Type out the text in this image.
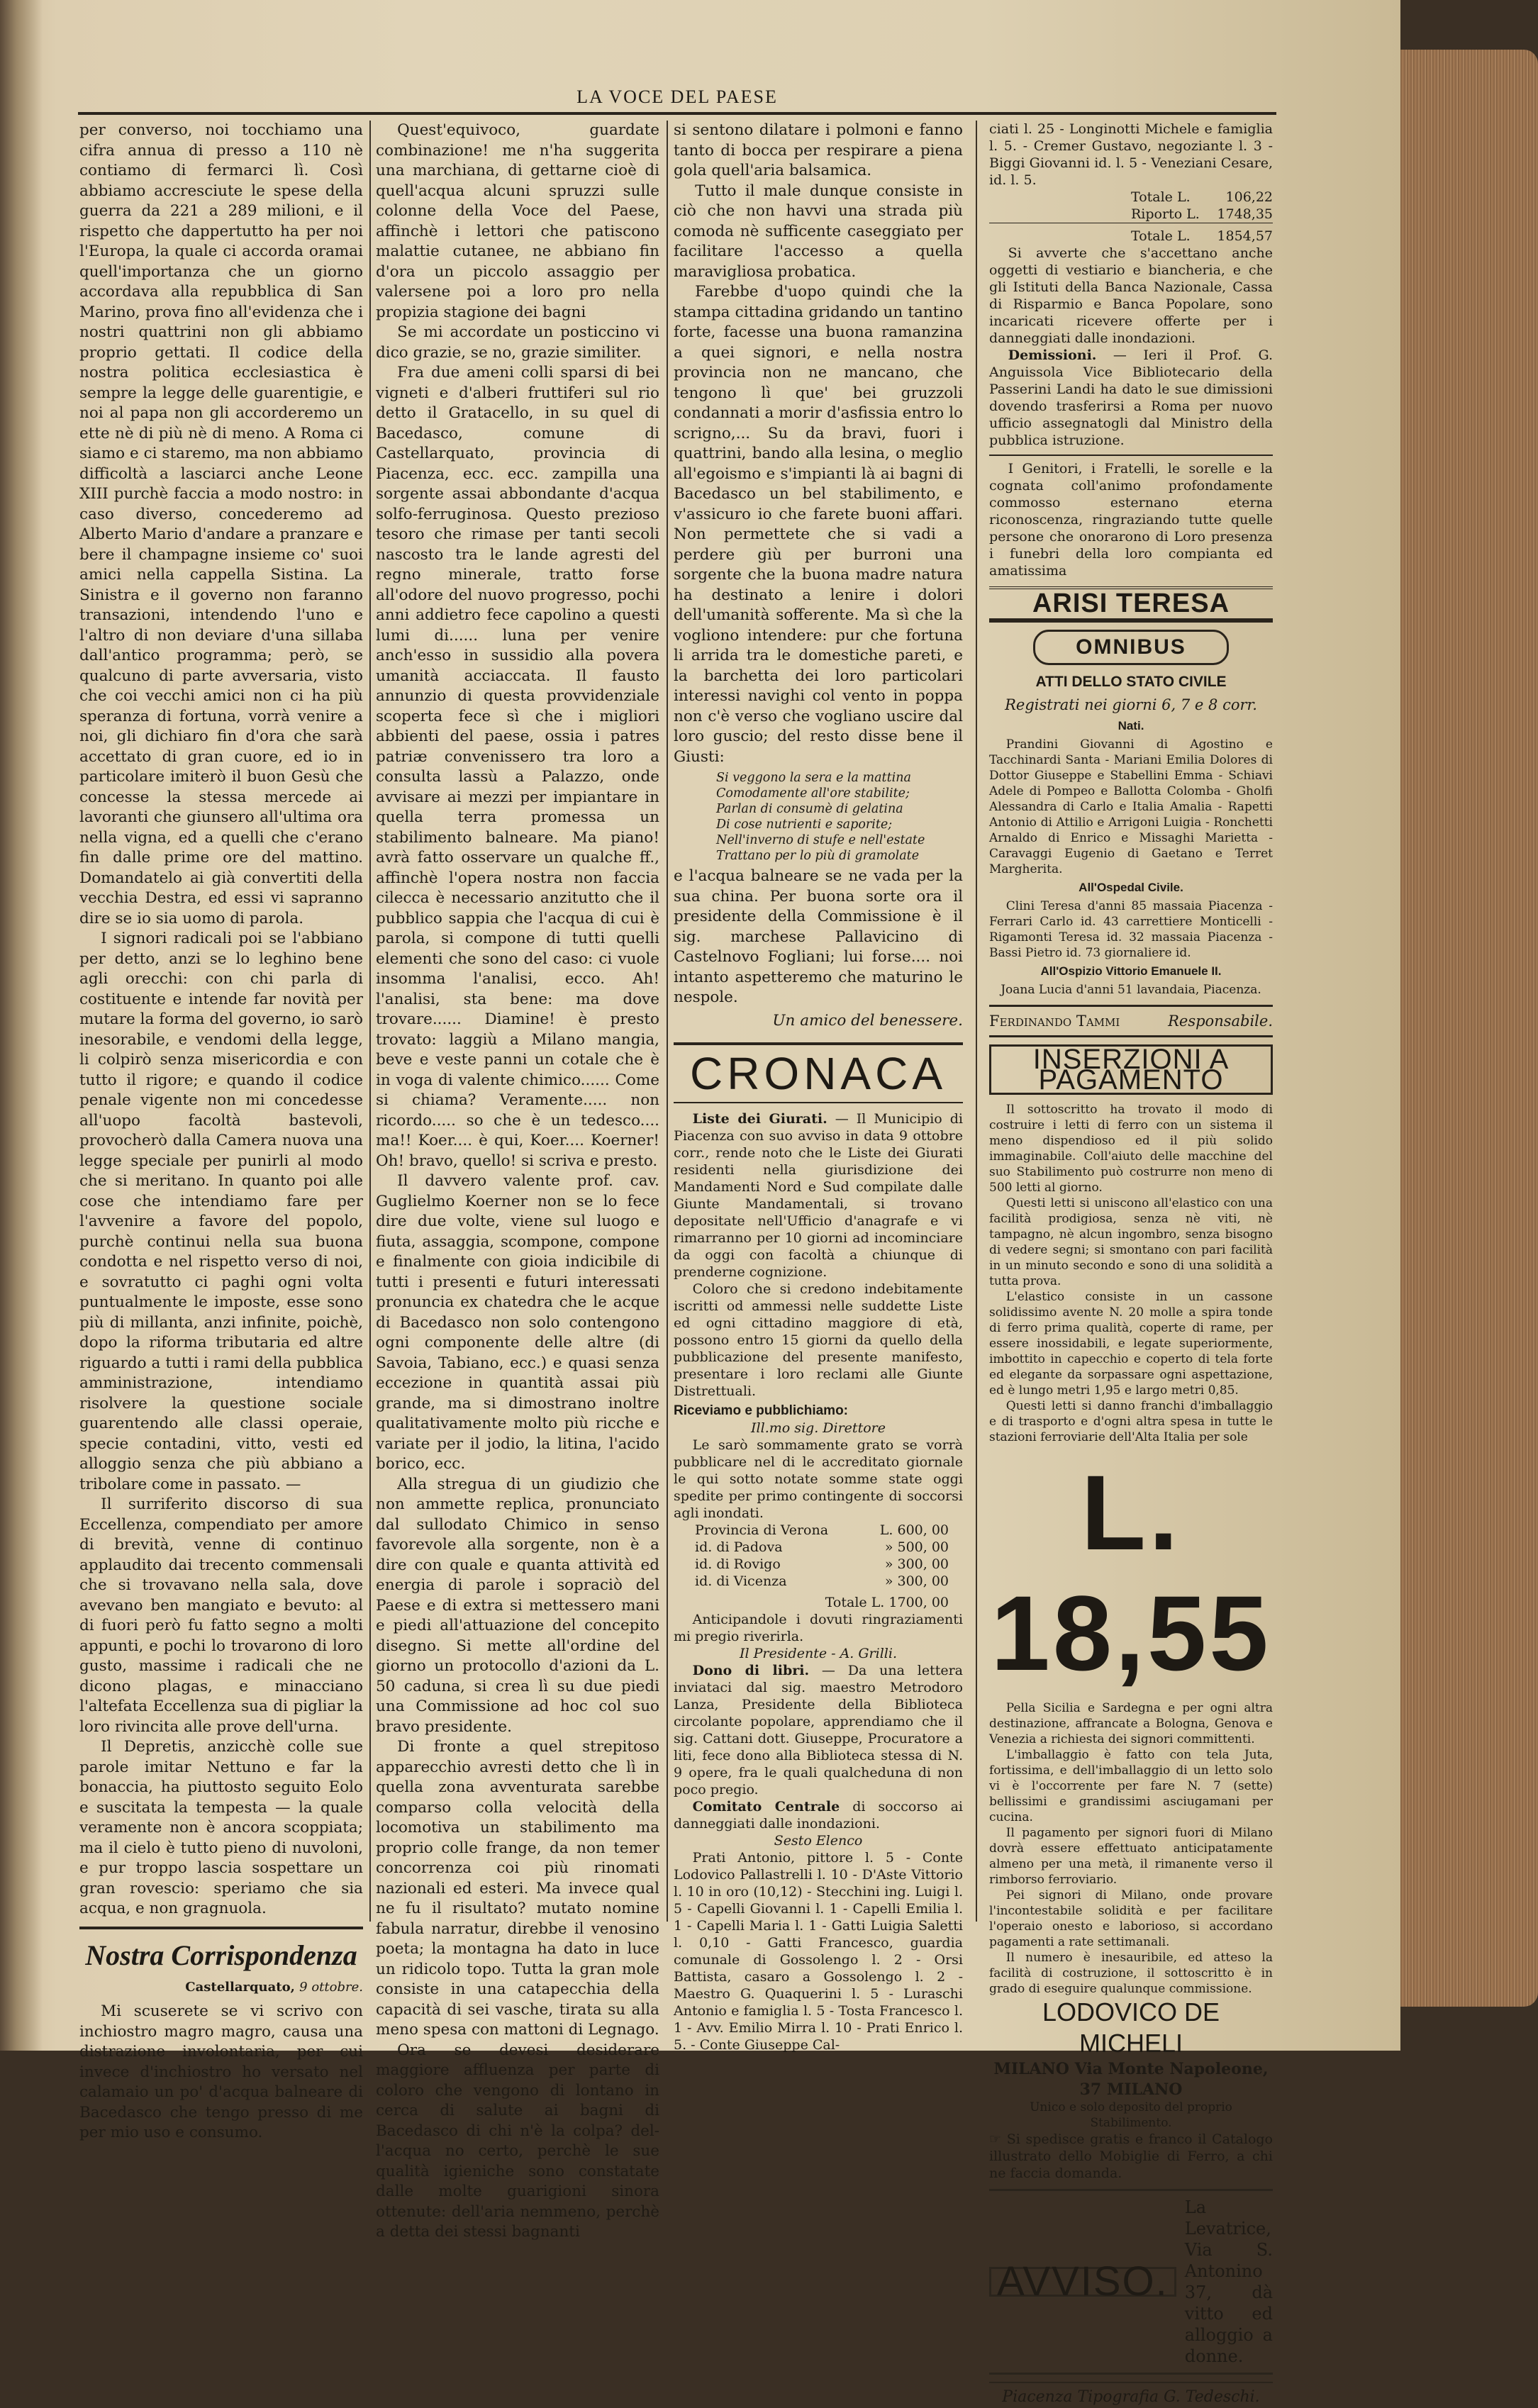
LA VOCE DEL PAESE

per converso, noi tocchiamo una cifra annua di presso a 110 nè contiamo di fermarci lì. Così abbiamo accresciute le spese della guerra da 221 a 289 milioni, e il rispetto che dappertutto ha per noi l'Europa, la quale ci accorda oramai quell'importanza che un giorno accordava alla repubblica di San Marino, prova fino all'evidenza che i nostri quattrini non gli abbiamo proprio gettati. Il codice della nostra politica ecclesiastica è sempre la legge delle guarentigie, e noi al papa non gli accorderemo un ette nè di più nè di meno. A Roma ci siamo e ci staremo, ma non abbiamo difficoltà a lasciarci anche Leone XIII purchè faccia a modo nostro: in caso diverso, concederemo ad Alberto Mario d'andare a pranzare e bere il champagne insieme co' suoi amici nella cappella Sistina. La Sinistra e il governo non faranno transazioni, intendendo l'uno e l'altro di non deviare d'una sillaba dall'antico programma; però, se qualcuno di parte avversaria, visto che coi vecchi amici non ci ha più speranza di fortuna, vorrà venire a noi, gli dichiaro fin d'ora che sarà accettato di gran cuore, ed io in particolare imiterò il buon Gesù che concesse la stessa mercede ai lavoranti che giunsero all'ultima ora nella vigna, ed a quelli che c'erano fin dalle prime ore del mattino. Domandatelo ai già convertiti della vecchia Destra, ed essi vi sapranno dire se io sia uomo di parola.

I signori radicali poi se l'abbiano per detto, anzi se lo leghino bene agli orecchi: con chi parla di costituente e intende far novità per mutare la forma del governo, io sarò inesorabile, e vendomi della legge, li colpirò senza misericordia e con tutto il rigore; e quando il codice penale vigente non mi concedesse all'uopo facoltà bastevoli, provocherò dalla Camera nuova una legge speciale per punirli al modo che si meritano. In quanto poi alle cose che intendiamo fare per l'avvenire a favore del popolo, purchè continui nella sua buona condotta e nel rispetto verso di noi, e sovratutto ci paghi ogni volta puntualmente le imposte, esse sono più di millanta, anzi infinite, poichè, dopo la riforma tributaria ed altre riguardo a tutti i rami della pubblica amministrazione, intendiamo risolvere la questione sociale guarentendo alle classi operaie, specie contadini, vitto, vesti ed alloggio senza che più abbiano a tribolare come in passato. —

Il surriferito discorso di sua Eccellenza, compendiato per amore di brevità, venne di continuo applaudito dai trecento commensali che si trovavano nella sala, dove avevano ben mangiato e bevuto: al di fuori però fu fatto segno a molti appunti, e pochi lo trovarono di loro gusto, massime i radicali che ne dicono plagas, e minacciano l'altefata Eccellenza sua di pigliar la loro rivincita alle prove dell'urna.

Il Depretis, anzicchè colle sue parole imitar Nettuno e far la bonaccia, ha piuttosto seguito Eolo e suscitata la tempesta — la quale veramente non è ancora scoppiata; ma il cielo è tutto pieno di nuvoloni, e pur troppo lascia sospettare un gran rovescio: speriamo che sia acqua, e non gragnuola.

Nostra Corrispondenza
Castellarquato, 9 ottobre.

Mi scuserete se vi scrivo con inchiostro magro magro, causa una distrazione involontaria, per cui invece d'inchiostro ho versato nel calamaio un po' d'acqua balneare di Bacedasco che tengo presso di me per mio uso e consumo.

Quest'equivoco, guardate combinazione! me n'ha suggerita una marchiana, di gettarne cioè di quell'acqua alcuni spruzzi sulle colonne della Voce del Paese, affinchè i lettori che patiscono malattie cutanee, ne abbiano fin d'ora un piccolo assaggio per valersene poi a loro pro nella propizia stagione dei bagni

Se mi accordate un posticcino vi dico grazie, se no, grazie similiter.

Fra due ameni colli sparsi di bei vigneti e d'alberi fruttiferi sul rio detto il Gratacello, in su quel di Bacedasco, comune di Castellarquato, provincia di Piacenza, ecc. ecc. zampilla una sorgente assai abbondante d'acqua solfo-ferruginosa. Questo prezioso tesoro che rimase per tanti secoli nascosto tra le lande agresti del regno minerale, tratto forse all'odore del nuovo progresso, pochi anni addietro fece capolino a questi lumi di...... luna per venire anch'esso in sussidio alla povera umanità acciaccata. Il fausto annunzio di questa provvidenziale scoperta fece sì che i migliori abbienti del paese, ossia i patres patriæ convenissero tra loro a consulta lassù a Palazzo, onde avvisare ai mezzi per impiantare in quella terra promessa un stabilimento balneare. Ma piano! avrà fatto osservare un qualche ff., affinchè l'opera nostra non faccia cilecca è necessario anzitutto che il pubblico sappia che l'acqua di cui è parola, si compone di tutti quelli elementi che sono del caso: ci vuole insomma l'analisi, ecco. Ah! l'analisi, sta bene: ma dove trovare...... Diamine! è presto trovato: laggiù a Milano mangia, beve e veste panni un cotale che è in voga di valente chimico...... Come si chiama? Veramente..... non ricordo..... so che è un tedesco.... ma!! Koer.... è qui, Koer.... Koerner! Oh! bravo, quello! si scriva e presto.

Il davvero valente prof. cav. Guglielmo Koerner non se lo fece dire due volte, viene sul luogo e fiuta, assaggia, scompone, compone e finalmente con gioia indicibile di tutti i presenti e futuri interessati pronuncia ex chatedra che le acque di Bacedasco non solo contengono ogni componente delle altre (di Savoia, Tabiano, ecc.) e quasi senza eccezione in quantità assai più grande, ma si dimostrano inoltre qualitativamente molto più ricche e variate per il jodio, la litina, l'acido borico, ecc.

Alla stregua di un giudizio che non ammette replica, pronunciato dal sullodato Chimico in senso favorevole alla sorgente, non è a dire con quale e quanta attività ed energia di parole i sopraciò del Paese e di extra si mettessero mani e piedi all'attuazione del concepito disegno. Si mette all'ordine del giorno un protocollo d'azioni da L. 50 caduna, si crea lì su due piedi una Commissione ad hoc col suo bravo presidente.

Di fronte a quel strepitoso apparecchio avresti detto che lì in quella zona avventurata sarebbe comparso colla velocità della locomotiva un stabilimento ma proprio colle frange, da non temer concorrenza coi più rinomati nazionali ed esteri. Ma invece qual ne fu il risultato? mutato nomine fabula narratur, direbbe il venosino poeta; la montagna ha dato in luce un ridicolo topo. Tutta la gran mole consiste in una catapecchia della capacità di sei vasche, tirata su alla meno spesa con mattoni di Legnago.

Ora se devesi desiderare maggiore affluenza per parte di coloro che vengono di lontano in cerca di salute ai bagni di Bacedasco di chi n'è la colpa? del-l'acqua no certo, perchè le sue qualità igieniche sono constatate dalle molte guarigioni sinora ottenute: dell'aria nemmeno, perchè a detta dei stessi bagnanti

si sentono dilatare i polmoni e fanno tanto di bocca per respirare a piena gola quell'aria balsamica.

Tutto il male dunque consiste in ciò che non havvi una strada più comoda nè sufficente caseggiato per facilitare l'accesso a quella maravigliosa probatica.

Farebbe d'uopo quindi che la stampa cittadina gridando un tantino forte, facesse una buona ramanzina a quei signori, e nella nostra provincia non ne mancano, che tengono lì que' bei gruzzoli condannati a morir d'asfissia entro lo scrigno,... Su da bravi, fuori i quattrini, bando alla lesina, o meglio all'egoismo e s'impianti là ai bagni di Bacedasco un bel stabilimento, e v'assicuro io che farete buoni affari. Non permettete che si vadi a perdere giù per burroni una sorgente che la buona madre natura ha destinato a lenire i dolori dell'umanità sofferente. Ma sì che la vogliono intendere: pur che fortuna li arrida tra le domestiche pareti, e la barchetta dei loro particolari interessi navighi col vento in poppa non c'è verso che vogliano uscire dal loro guscio; del resto disse bene il Giusti:

Si veggono la sera e la mattina
Comodamente all'ore stabilite;
Parlan di consumè di gelatina
Di cose nutrienti e saporite;
Nell'inverno di stufe e nell'estate
Trattano per lo più di gramolate

e l'acqua balneare se ne vada per la sua china. Per buona sorte ora il presidente della Commissione è il sig. marchese Pallavicino di Castelnovo Fogliani; lui forse.... noi intanto aspetteremo che maturino le nespole.

Un amico del benessere.
CRONACA

Liste dei Giurati. — Il Municipio di Piacenza con suo avviso in data 9 ottobre corr., rende noto che le Liste dei Giurati residenti nella giurisdizione dei Mandamenti Nord e Sud compilate dalle Giunte Mandamentali, si trovano depositate nell'Ufficio d'anagrafe e vi rimarranno per 10 giorni ad incominciare da oggi con facoltà a chiunque di prenderne cognizione.

Coloro che si credono indebitamente iscritti od ammessi nelle suddette Liste ed ogni cittadino maggiore di età, possono entro 15 giorni da quello della pubblicazione del presente manifesto, presentare i loro reclami alle Giunte Distrettuali.

Riceviamo e pubblichiamo:
Ill.mo sig. Direttore

Le sarò sommamente grato se vorrà pubblicare nel di le accreditato giornale le qui sotto notate somme state oggi spedite per primo contingente di soccorsi agli inondati.

Provincia di Verona	L. 600, 00
id. di Padova	» 500, 00
id. di Rovigo	» 300, 00
id. di Vicenza	» 300, 00
Totale L. 1700, 00

Anticipandole i dovuti ringraziamenti mi pregio riverirla.

Il Presidente - A. Grilli.

Dono di libri. — Da una lettera inviataci dal sig. maestro Metrodoro Lanza, Presidente della Biblioteca circolante popolare, apprendiamo che il sig. Cattani dott. Giuseppe, Procuratore a liti, fece dono alla Biblioteca stessa di N. 9 opere, fra le quali qualcheduna di non poco pregio.

Comitato Centrale di soccorso ai danneggiati dalle inondazioni.

Sesto Elenco

Prati Antonio, pittore l. 5 - Conte Lodovico Pallastrelli l. 10 - D'Aste Vittorio l. 10 in oro (10,12) - Stecchini ing. Luigi l. 5 - Capelli Giovanni l. 1 - Capelli Emilia l. 1 - Capelli Maria l. 1 - Gatti Luigia Saletti l. 0,10 - Gatti Francesco, guardia comunale di Gossolengo l. 2 - Orsi Battista, casaro a Gossolengo l. 2 - Maestro G. Quaquerini l. 5 - Luraschi Antonio e famiglia l. 5 - Tosta Francesco l. 1 - Avv. Emilio Mirra l. 10 - Prati Enrico l. 5. - Conte Giuseppe Cal-

ciati l. 25 - Longinotti Michele e famiglia l. 5. - Cremer Gustavo, negoziante l. 3 - Biggi Giovanni id. l. 5 - Veneziani Cesare, id. l. 5.

Totale L.	106,22
Riporto L. 1748,35
Totale L. 1854,57

Si avverte che s'accettano anche oggetti di vestiario e biancheria, e che gli Istituti della Banca Nazionale, Cassa di Risparmio e Banca Popolare, sono incaricati ricevere offerte per i danneggiati dalle inondazioni.

Demissioni. — Ieri il Prof. G. Anguissola Vice Bibliotecario della Passerini Landi ha dato le sue dimissioni dovendo trasferirsi a Roma per nuovo ufficio assegnatogli dal Ministro della pubblica istruzione.

I Genitori, i Fratelli, le sorelle e la cognata coll'animo profondamente commosso esternano eterna riconoscenza, ringraziando tutte quelle persone che onorarono di Loro presenza i funebri della loro compianta ed amatissima

ARISI TERESA
OMNIBUS
ATTI DELLO STATO CIVILE
Registrati nei giorni 6, 7 e 8 corr.
Nati.

Prandini Giovanni di Agostino e Tacchinardi Santa - Mariani Emilia Dolores di Dottor Giuseppe e Stabellini Emma - Schiavi Adele di Pompeo e Ballotta Colomba - Gholfi Alessandra di Carlo e Italia Amalia - Rapetti Antonio di Attilio e Arrigoni Luigia - Ronchetti Arnaldo di Enrico e Missaghi Marietta - Caravaggi Eugenio di Gaetano e Terret Margherita.

All'Ospedal Civile.

Clini Teresa d'anni 85 massaia Piacenza - Ferrari Carlo id. 43 carrettiere Monticelli - Rigamonti Teresa id. 32 massaia Piacenza - Bassi Pietro id. 73 giornaliere id.

All'Ospizio Vittorio Emanuele II.
Joana Lucia d'anni 51 lavandaia, Piacenza.
Ferdinando Tammi	Responsabile.
INSERZIONI A PAGAMENTO

Il sottoscritto ha trovato il modo di costruire i letti di ferro con un sistema il meno dispendioso ed il più solido immaginabile. Coll'aiuto delle macchine del suo Stabilimento può costrurre non meno di 500 letti al giorno.

Questi letti si uniscono all'elastico con una facilità prodigiosa, senza nè viti, nè tampagno, nè alcun ingombro, senza bisogno di vedere segni; si smontano con pari facilità in un minuto secondo e sono di una solidità a tutta prova.

L'elastico consiste in un cassone solidissimo avente N. 20 molle a spira tonde di ferro prima qualità, coperte di rame, per essere inossidabili, e legate superiormente, imbottito in capecchio e coperto di tela forte ed elegante da sorpassare ogni aspettazione, ed è lungo metri 1,95 e largo metri 0,85.

Questi letti si danno franchi d'imballaggio e di trasporto e d'ogni altra spesa in tutte le stazioni ferroviarie dell'Alta Italia per sole

L. 18,55

Pella Sicilia e Sardegna e per ogni altra destinazione, affrancate a Bologna, Genova e Venezia a richiesta dei signori committenti.

L'imballaggio è fatto con tela Juta, fortissima, e dell'imballaggio di un letto solo vi è l'occorrente per fare N. 7 (sette) bellissimi e grandissimi asciugamani per cucina.

Il pagamento per signori fuori di Milano dovrà essere effettuato anticipatamente almeno per una metà, il rimanente verso il rimborso ferroviario.

Pei signori di Milano, onde provare l'incontestabile solidità e per facilitare l'operaio onesto e laborioso, si accordano pagamenti a rate settimanali.

Il numero è inesauribile, ed atteso la facilità di costruzione, il sottoscritto è in grado di eseguire qualunque commissione.

LODOVICO DE MICHELI
MILANO Via Monte Napoleone, 37 MILANO
Unico e solo deposito del proprio Stabilimento.
☞ Si spedisce gratis e franco il Catalogo illustrato dello Mobiglie di Ferro, a chi ne faccia domanda.
AVVISO.
La Levatrice, Via S. Antonino 37, dà vitto ed alloggio a donne.
Piacenza Tipografia G. Tedeschi.
